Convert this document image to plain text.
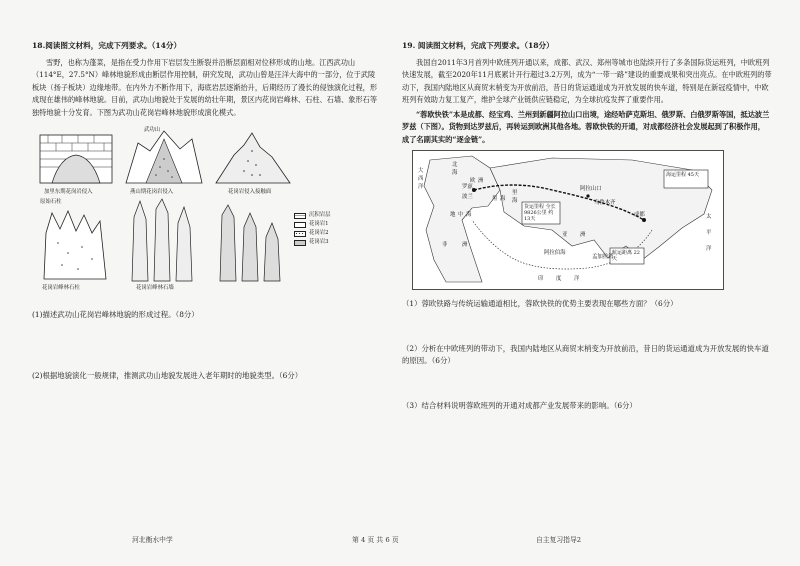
18.阅读图文材料，完成下列要求。（14分）
雪野，也称为蓬菜，是指在受力作用下岩层发生断裂并沿断层面相对位移形成的山地。江西武功山（114°E，27.5°N）峰林地貌形成由断层作用控制，研究发现，武功山曾是汪洋大海中的一部分，位于武陵板块（扬子板块）边缘地带。在内外力不断作用下，海底岩层逐渐抬升，后期经历了漫长的侵蚀演化过程，形成现在雄伟的峰林地貌。目前，武功山地貌处于发展的幼壮年期，景区内花岗岩峰林、石柱、石墙、象形石等独特地貌十分发育。下图为武功山花岗岩峰林地貌形成演化模式。
武功山
加里东期花岗岩侵入	燕山期花岗岩侵入	花岗岩侵入接触面
花岗岩峰林石柱	花岗岩峰林石墙
原始石柱
沉积岩层
花岗岩1
花岗岩2
花岗岩3
(1)描述武功山花岗岩峰林地貌的形成过程。（8分）
(2)根据地貌演化一般规律，推测武功山地貌发展进入老年期时的地貌类型。（6分）
19. 阅读图文材料，完成下列要求。（18分）
我国自2011年3月首列中欧班列开通以来，成都、武汉、郑州等城市也陆续开行了多条国际货运班列，中欧班列快速发展，截至2020年11月底累计开行超过3.2万列，成为“一带一路”建设的重要成果和突出亮点。在中欧班列的带动下，我国内陆地区从商贸末梢变为开放前沿，昔日的货运通道成为开放发展的快车道，特别是在新冠疫情中，中欧班列有效助力复工复产，维护全球产业链供应链稳定，为全球抗疫发挥了重要作用。
“蓉欧快铁”本是成都、经宝鸡、兰州到新疆阿拉山口出境，途经哈萨克斯坦、俄罗斯、白俄罗斯等国，抵达波兰罗兹（下图）。货物到达罗兹后，再转运到欧洲其他各地。蓉欧快铁的开通，对成都经济社会发展起到了积极作用，成了名副其实的“逐金链”。
大
西
洋
北
海
欧 洲
地 中 海
非	洲
黑 海
里
海
亚 洲
阿拉山口
成都
乌鲁木齐
太
平
洋
印 度 洋
罗兹
波兰
货运里程 全长9826公里 约13天
阿拉伯海
孟加拉湾
海运里程 45天
航运距离 22天
（1）蓉欧铁路与传统运输通道相比，蓉欧快铁的优势主要表现在哪些方面？（6分）
（2）分析在中欧班列的带动下，我国内陆地区从商贸末梢变为开放前沿，昔日的货运通道成为开放发展的快车道的原因。（6分）
（3）结合材料说明蓉欧班列的开通对成都产业发展带来的影响。（6分）
河北衡水中学	第 4 页 共 6 页	自主复习指导2
